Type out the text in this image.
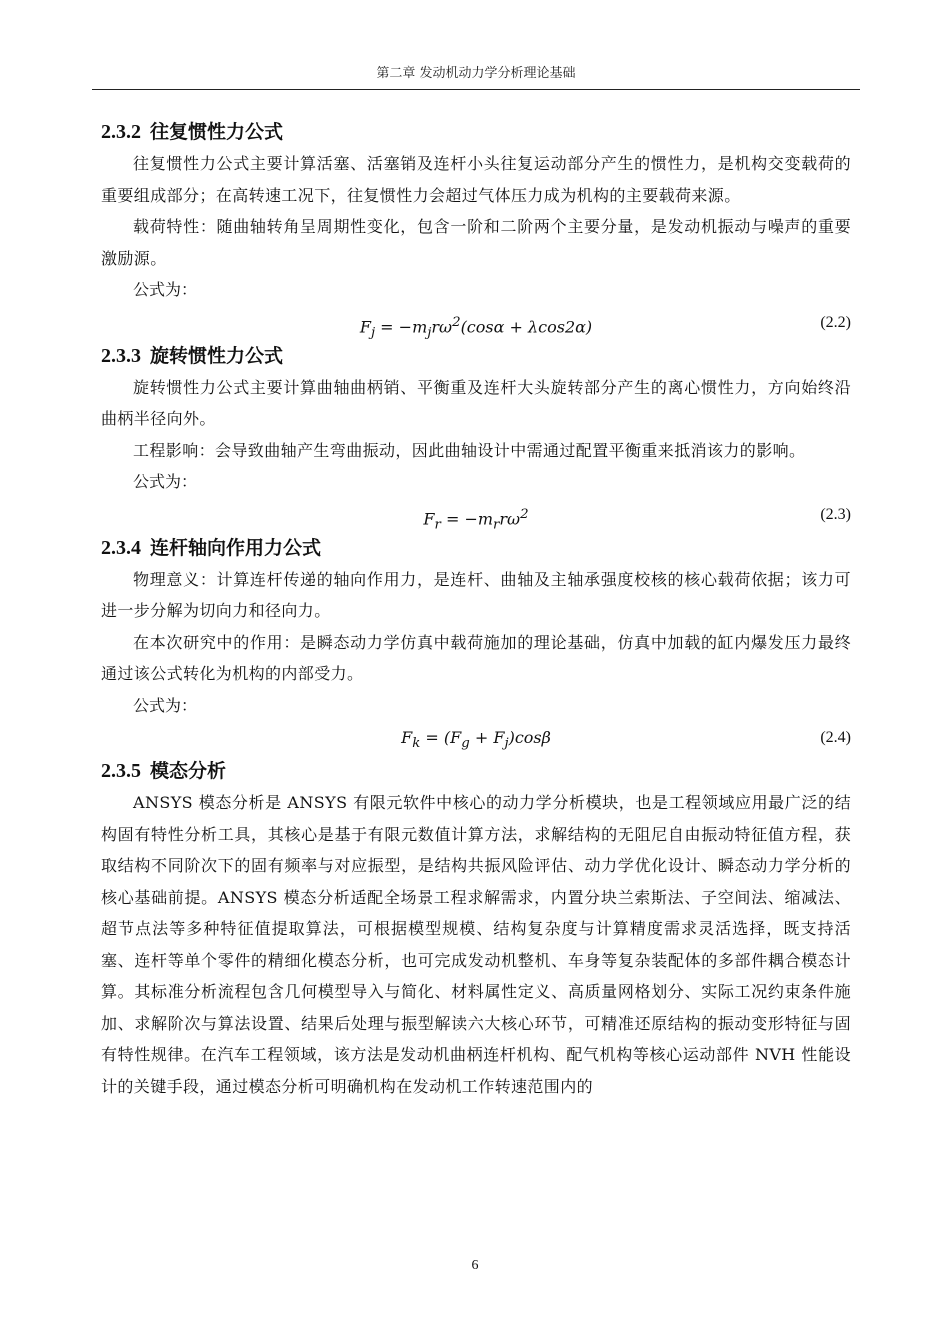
第二章 发动机动力学分析理论基础
2.3.2 往复惯性力公式

往复惯性力公式主要计算活塞、活塞销及连杆小头往复运动部分产生的惯性力，是机构交变载荷的重要组成部分；在高转速工况下，往复惯性力会超过气体压力成为机构的主要载荷来源。

载荷特性：随曲轴转角呈周期性变化，包含一阶和二阶两个主要分量，是发动机振动与噪声的重要激励源。

公式为：

$F_j = -m_jr\omega^2(\cos\alpha + \lambda\cos 2\alpha)$	(2.2)
2.3.3 旋转惯性力公式

旋转惯性力公式主要计算曲轴曲柄销、平衡重及连杆大头旋转部分产生的离心惯性力，方向始终沿曲柄半径向外。

工程影响：会导致曲轴产生弯曲振动，因此曲轴设计中需通过配置平衡重来抵消该力的影响。

公式为：

$F_r = -m_rr\omega^2$	(2.3)
2.3.4 连杆轴向作用力公式

物理意义：计算连杆传递的轴向作用力，是连杆、曲轴及主轴承强度校核的核心载荷依据；该力可进一步分解为切向力和径向力。

在本次研究中的作用：是瞬态动力学仿真中载荷施加的理论基础，仿真中加载的缸内爆发压力最终通过该公式转化为机构的内部受力。

公式为：

$F_k = (F_g + F_j)\cos\beta$	(2.4)
2.3.5 模态分析

ANSYS 模态分析是 ANSYS 有限元软件中核心的动力学分析模块，也是工程领域应用最广泛的结构固有特性分析工具，其核心是基于有限元数值计算方法，求解结构的无阻尼自由振动特征值方程，获取结构不同阶次下的固有频率与对应振型，是结构共振风险评估、动力学优化设计、瞬态动力学分析的核心基础前提。ANSYS 模态分析适配全场景工程求解需求，内置分块兰索斯法、子空间法、缩减法、超节点法等多种特征值提取算法，可根据模型规模、结构复杂度与计算精度需求灵活选择，既支持活塞、连杆等单个零件的精细化模态分析，也可完成发动机整机、车身等复杂装配体的多部件耦合模态计算。其标准分析流程包含几何模型导入与简化、材料属性定义、高质量网格划分、实际工况约束条件施加、求解阶次与算法设置、结果后处理与振型解读六大核心环节，可精准还原结构的振动变形特征与固有特性规律。在汽车工程领域，该方法是发动机曲柄连杆机构、配气机构等核心运动部件 NVH 性能设计的关键手段，通过模态分析可明确机构在发动机工作转速范围内的

6
